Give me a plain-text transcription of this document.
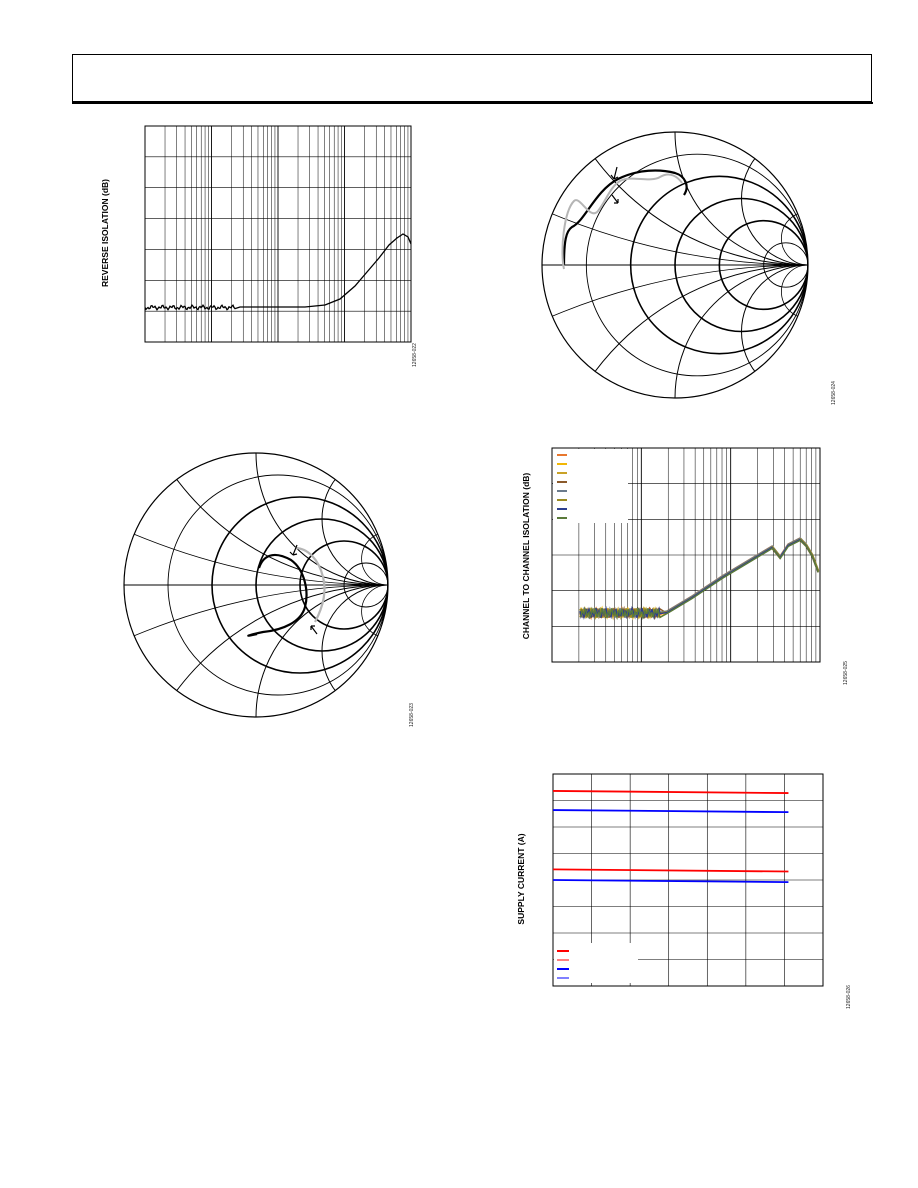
REVERSE ISOLATION (dB)
12658-022
12658-024
12658-023
CHANNEL TO CHANNEL ISOLATION (dB)
12658-025
SUPPLY CURRENT (A)
12658-026
